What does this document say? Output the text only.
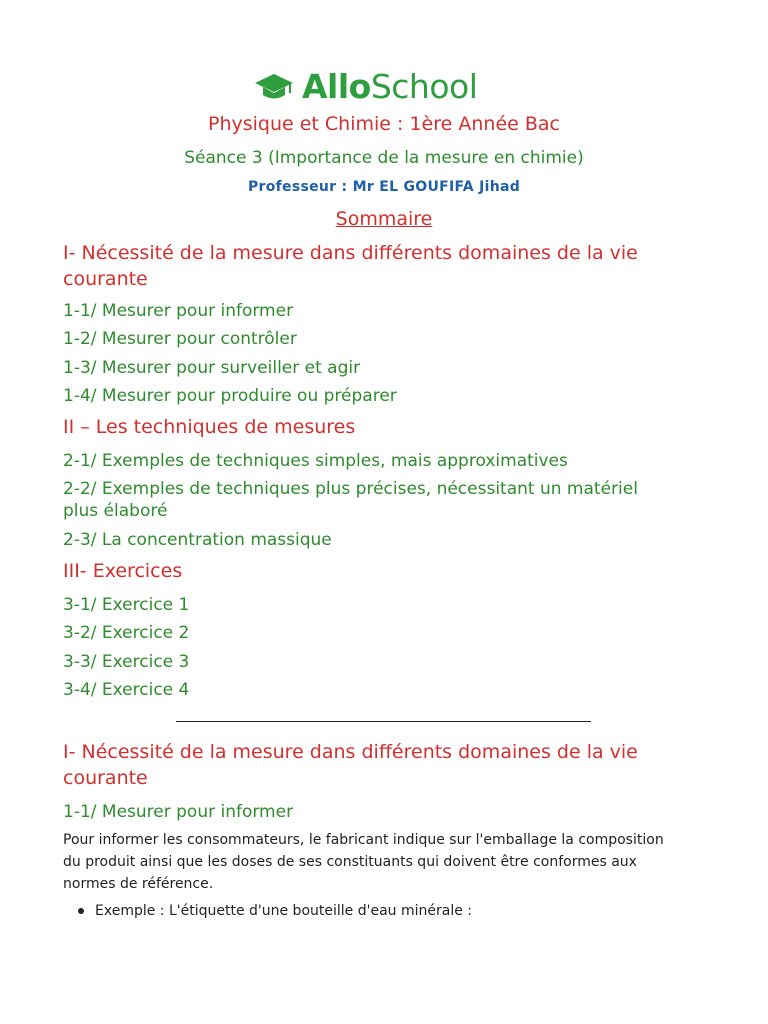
AlloSchool
Physique et Chimie : 1ère Année Bac
Séance 3 (Importance de la mesure en chimie)
Professeur : Mr EL GOUFIFA Jihad
Sommaire
I- Nécessité de la mesure dans différents domaines de la vie courante
1-1/ Mesurer pour informer
1-2/ Mesurer pour contrôler
1-3/ Mesurer pour surveiller et agir
1-4/ Mesurer pour produire ou préparer
II – Les techniques de mesures
2-1/ Exemples de techniques simples, mais approximatives
2-2/ Exemples de techniques plus précises, nécessitant un matériel plus élaboré
2-3/ La concentration massique
III- Exercices
3-1/ Exercice 1
3-2/ Exercice 2
3-3/ Exercice 3
3-4/ Exercice 4
I- Nécessité de la mesure dans différents domaines de la vie courante
1-1/ Mesurer pour informer
Pour informer les consommateurs, le fabricant indique sur l'emballage la composition du produit ainsi que les doses de ses constituants qui doivent être conformes aux normes de référence.
Exemple : L'étiquette d'une bouteille d'eau minérale :
